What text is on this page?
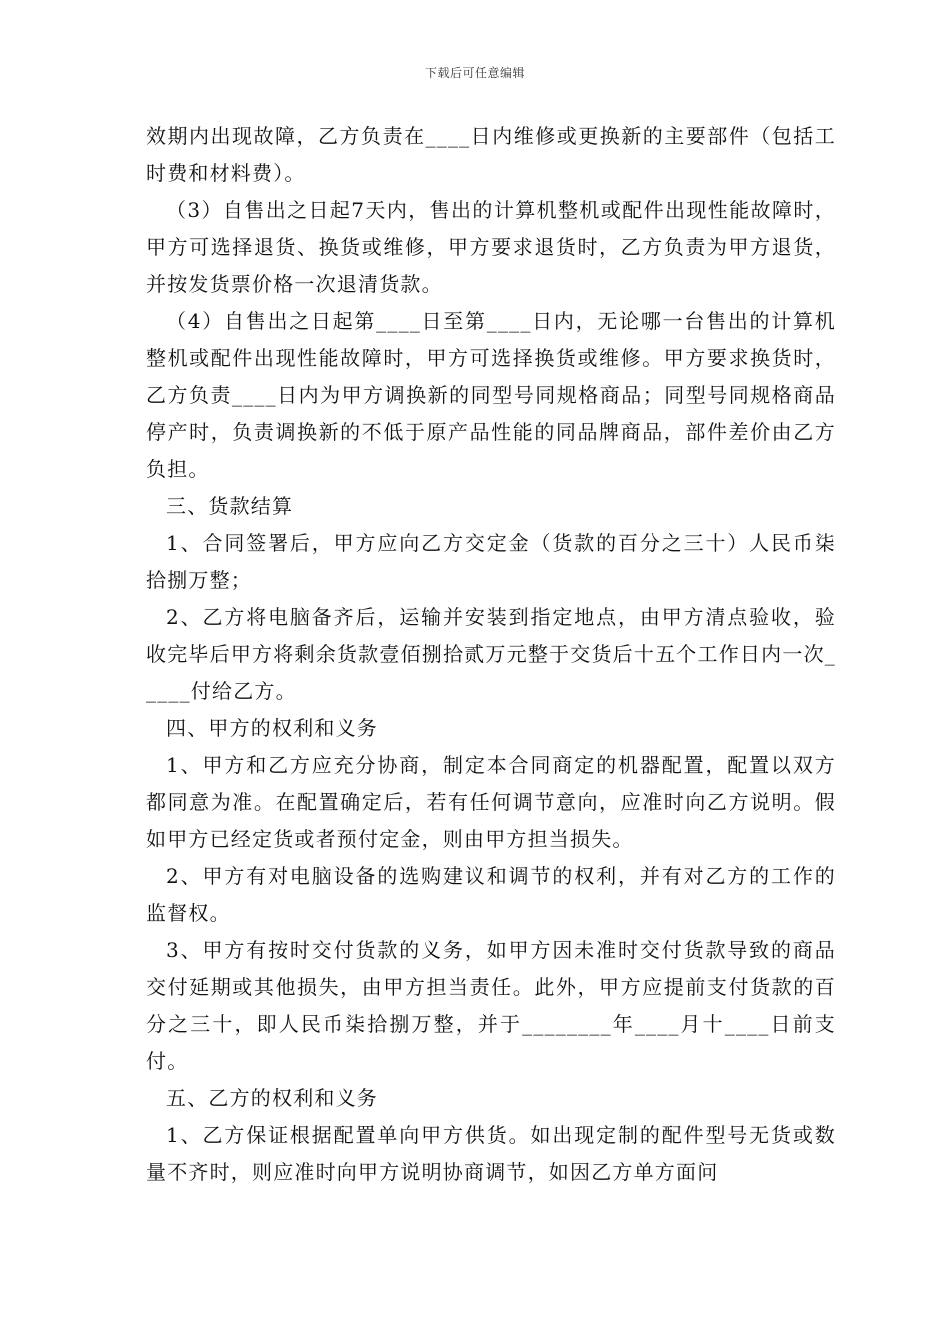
下载后可任意编辑

效期内出现故障，乙方负责在____日内维修或更换新的主要部件（包括工时费和材料费）。

（3）自售出之日起7天内，售出的计算机整机或配件出现性能故障时，甲方可选择退货、换货或维修，甲方要求退货时，乙方负责为甲方退货，并按发货票价格一次退清货款。

（4）自售出之日起第____日至第____日内，无论哪一台售出的计算机整机或配件出现性能故障时，甲方可选择换货或维修。甲方要求换货时，乙方负责____日内为甲方调换新的同型号同规格商品；同型号同规格商品停产时，负责调换新的不低于原产品性能的同品牌商品，部件差价由乙方负担。

三、货款结算

1、合同签署后，甲方应向乙方交定金（货款的百分之三十）人民币柒拾捌万整；

2、乙方将电脑备齐后，运输并安装到指定地点，由甲方清点验收，验收完毕后甲方将剩余货款壹佰捌拾贰万元整于交货后十五个工作日内一次_____付给乙方。

四、甲方的权利和义务

1、甲方和乙方应充分协商，制定本合同商定的机器配置，配置以双方都同意为准。在配置确定后，若有任何调节意向，应准时向乙方说明。假如甲方已经定货或者预付定金，则由甲方担当损失。

2、甲方有对电脑设备的选购建议和调节的权利，并有对乙方的工作的监督权。

3、甲方有按时交付货款的义务，如甲方因未准时交付货款导致的商品交付延期或其他损失，由甲方担当责任。此外，甲方应提前支付货款的百分之三十，即人民币柒拾捌万整，并于________年____月十____日前支付。

五、乙方的权利和义务

1、乙方保证根据配置单向甲方供货。如出现定制的配件型号无货或数量不齐时，则应准时向甲方说明协商调节，如因乙方单方面问
